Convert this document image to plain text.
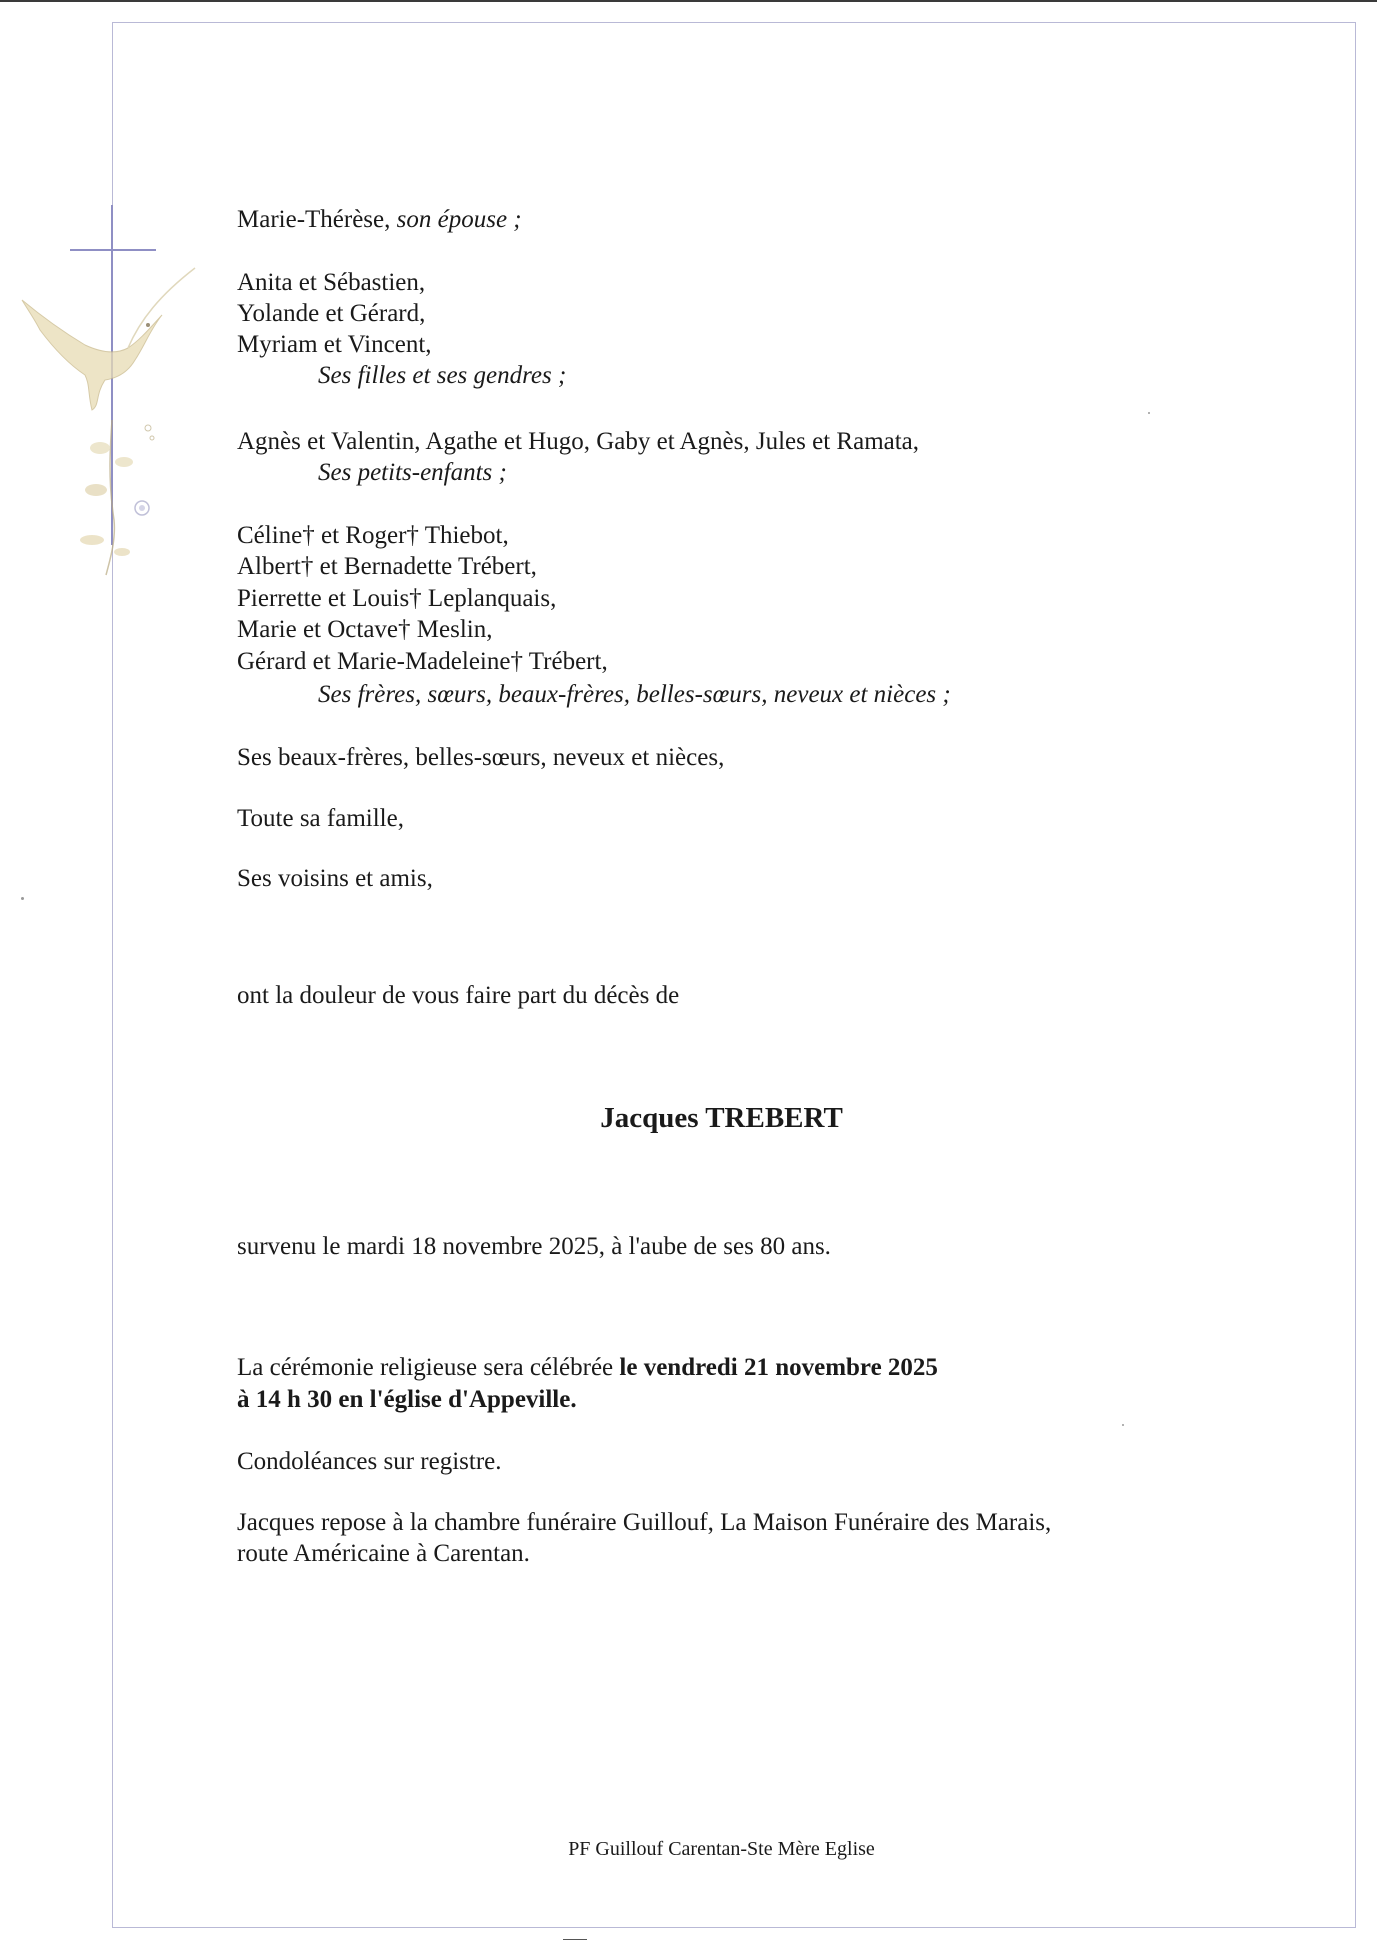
Marie-Thérèse, son épouse ;
Anita et Sébastien,
Yolande et Gérard,
Myriam et Vincent,
Ses filles et ses gendres ;
Agnès et Valentin, Agathe et Hugo, Gaby et Agnès, Jules et Ramata,
Ses petits-enfants ;
Céline† et Roger† Thiebot,
Albert† et Bernadette Trébert,
Pierrette et Louis† Leplanquais,
Marie et Octave† Meslin,
Gérard et Marie-Madeleine† Trébert,
Ses frères, sœurs, beaux-frères, belles-sœurs, neveux et nièces ;
Ses beaux-frères, belles-sœurs, neveux et nièces,
Toute sa famille,
Ses voisins et amis,
ont la douleur de vous faire part du décès de
Jacques TREBERT
survenu le mardi 18 novembre 2025, à l'aube de ses 80 ans.
La cérémonie religieuse sera célébrée le vendredi 21 novembre 2025
à 14 h 30 en l'église d'Appeville.
Condoléances sur registre.
Jacques repose à la chambre funéraire Guillouf, La Maison Funéraire des Marais,
route Américaine à Carentan.
PF Guillouf Carentan-Ste Mère Eglise
